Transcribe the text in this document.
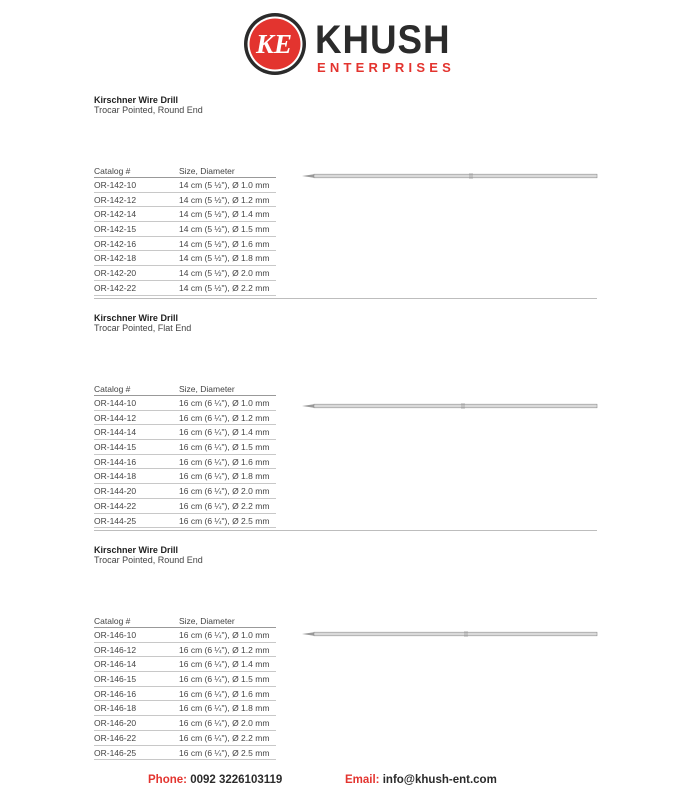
KE KHUSH
ENTERPRISES
Kirschner Wire Drill
Trocar Pointed, Round End
Catalog #	Size, Diameter
OR-142-10	14 cm (5 ½"), Ø 1.0 mm
OR-142-12	14 cm (5 ½"), Ø 1.2 mm
OR-142-14	14 cm (5 ½"), Ø 1.4 mm
OR-142-15	14 cm (5 ½"), Ø 1.5 mm
OR-142-16	14 cm (5 ½"), Ø 1.6 mm
OR-142-18	14 cm (5 ½"), Ø 1.8 mm
OR-142-20	14 cm (5 ½"), Ø 2.0 mm
OR-142-22	14 cm (5 ½"), Ø 2.2 mm
Kirschner Wire Drill
Trocar Pointed, Flat End
Catalog #	Size, Diameter
OR-144-10	16 cm (6 ¼"), Ø 1.0 mm
OR-144-12	16 cm (6 ¼"), Ø 1.2 mm
OR-144-14	16 cm (6 ¼"), Ø 1.4 mm
OR-144-15	16 cm (6 ¼"), Ø 1.5 mm
OR-144-16	16 cm (6 ¼"), Ø 1.6 mm
OR-144-18	16 cm (6 ¼"), Ø 1.8 mm
OR-144-20	16 cm (6 ¼"), Ø 2.0 mm
OR-144-22	16 cm (6 ¼"), Ø 2.2 mm
OR-144-25	16 cm (6 ¼"), Ø 2.5 mm
Kirschner Wire Drill
Trocar Pointed, Round End
Catalog #	Size, Diameter
OR-146-10	16 cm (6 ¼"), Ø 1.0 mm
OR-146-12	16 cm (6 ¼"), Ø 1.2 mm
OR-146-14	16 cm (6 ¼"), Ø 1.4 mm
OR-146-15	16 cm (6 ¼"), Ø 1.5 mm
OR-146-16	16 cm (6 ¼"), Ø 1.6 mm
OR-146-18	16 cm (6 ¼"), Ø 1.8 mm
OR-146-20	16 cm (6 ¼"), Ø 2.0 mm
OR-146-22	16 cm (6 ¼"), Ø 2.2 mm
OR-146-25	16 cm (6 ¼"), Ø 2.5 mm
Phone: 0092 3226103119	Email: info@khush-ent.com
